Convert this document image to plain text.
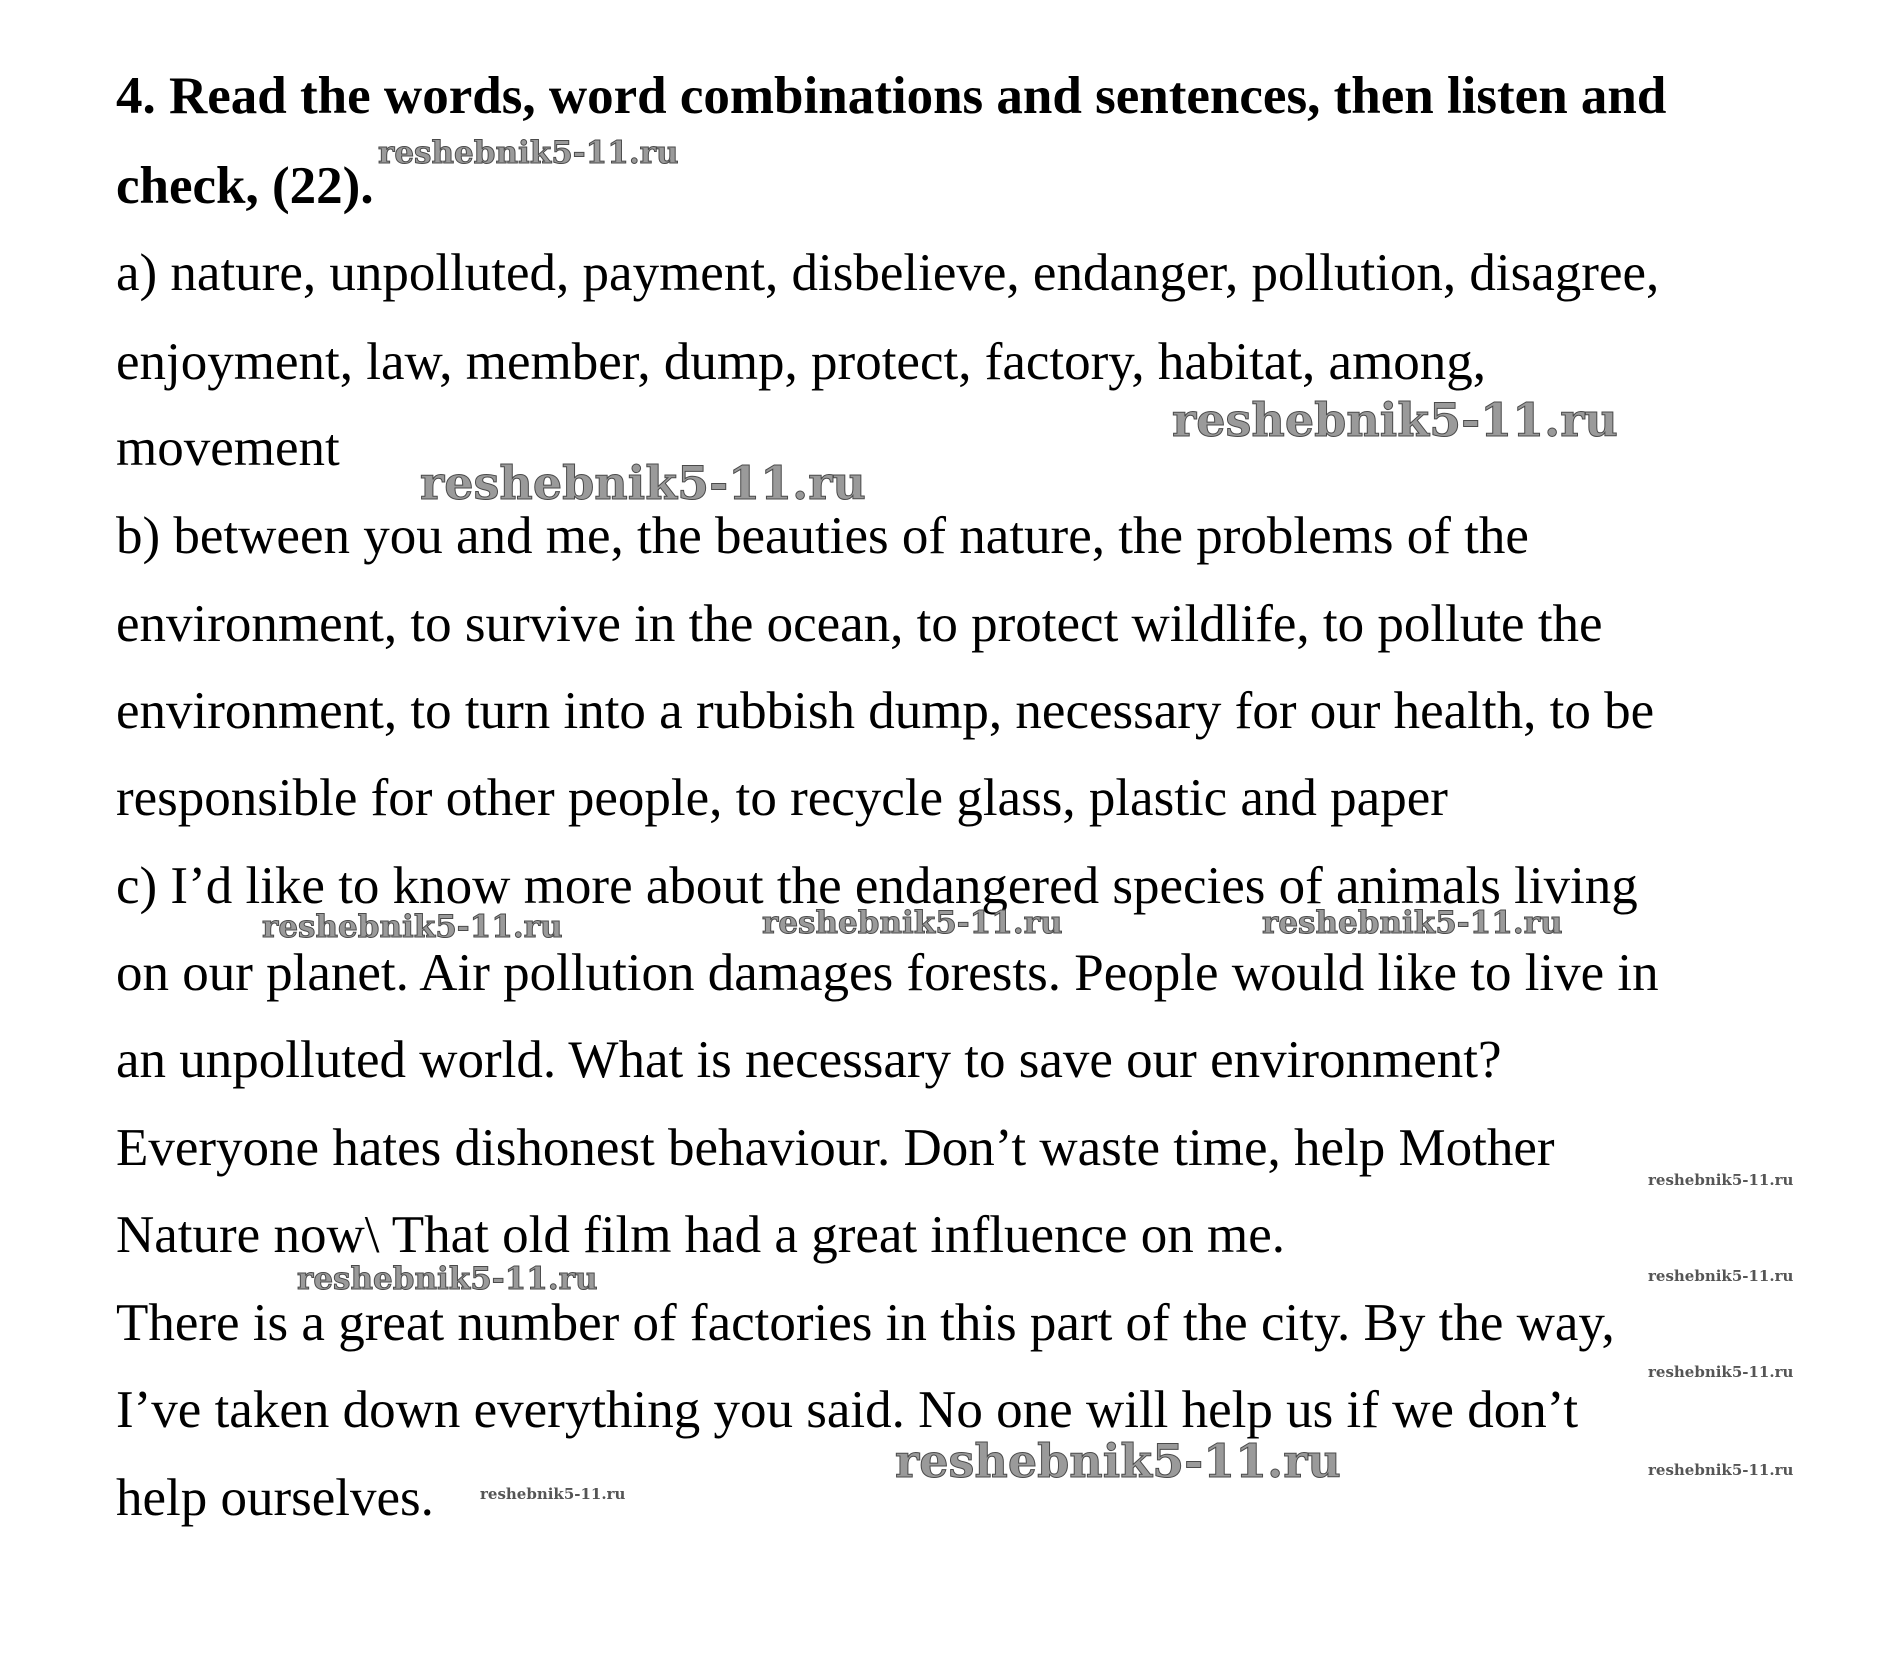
4. Read the words, word combinations and sentences, then listen and
check, (22).
a) nature, unpolluted, payment, disbelieve, endanger, pollution, disagree,
enjoyment, law, member, dump, protect, factory, habitat, among,
movement
b) between you and me, the beauties of nature, the problems of the
environment, to survive in the ocean, to protect wildlife, to pollute the
environment, to turn into a rubbish dump, necessary for our health, to be
responsible for other people, to recycle glass, plastic and paper
c) I’d like to know more about the endangered species of animals living
on our planet. Air pollution damages forests. People would like to live in
an unpolluted world. What is necessary to save our environment?
Everyone hates dishonest behaviour. Don’t waste time, help Mother
Nature now\ That old film had a great influence on me.
There is a great number of factories in this part of the city. By the way,
I’ve taken down everything you said. No one will help us if we don’t
help ourselves.
reshebnik5-11.ru
reshebnik5-11.ru
reshebnik5-11.ru
reshebnik5-11.ru	reshebnik5-11.ru	reshebnik5-11.ru
reshebnik5-11.ru
reshebnik5-11.ru	reshebnik5-11.ru
reshebnik5-11.ru
reshebnik5-11.ru	reshebnik5-11.ru
reshebnik5-11.ru
